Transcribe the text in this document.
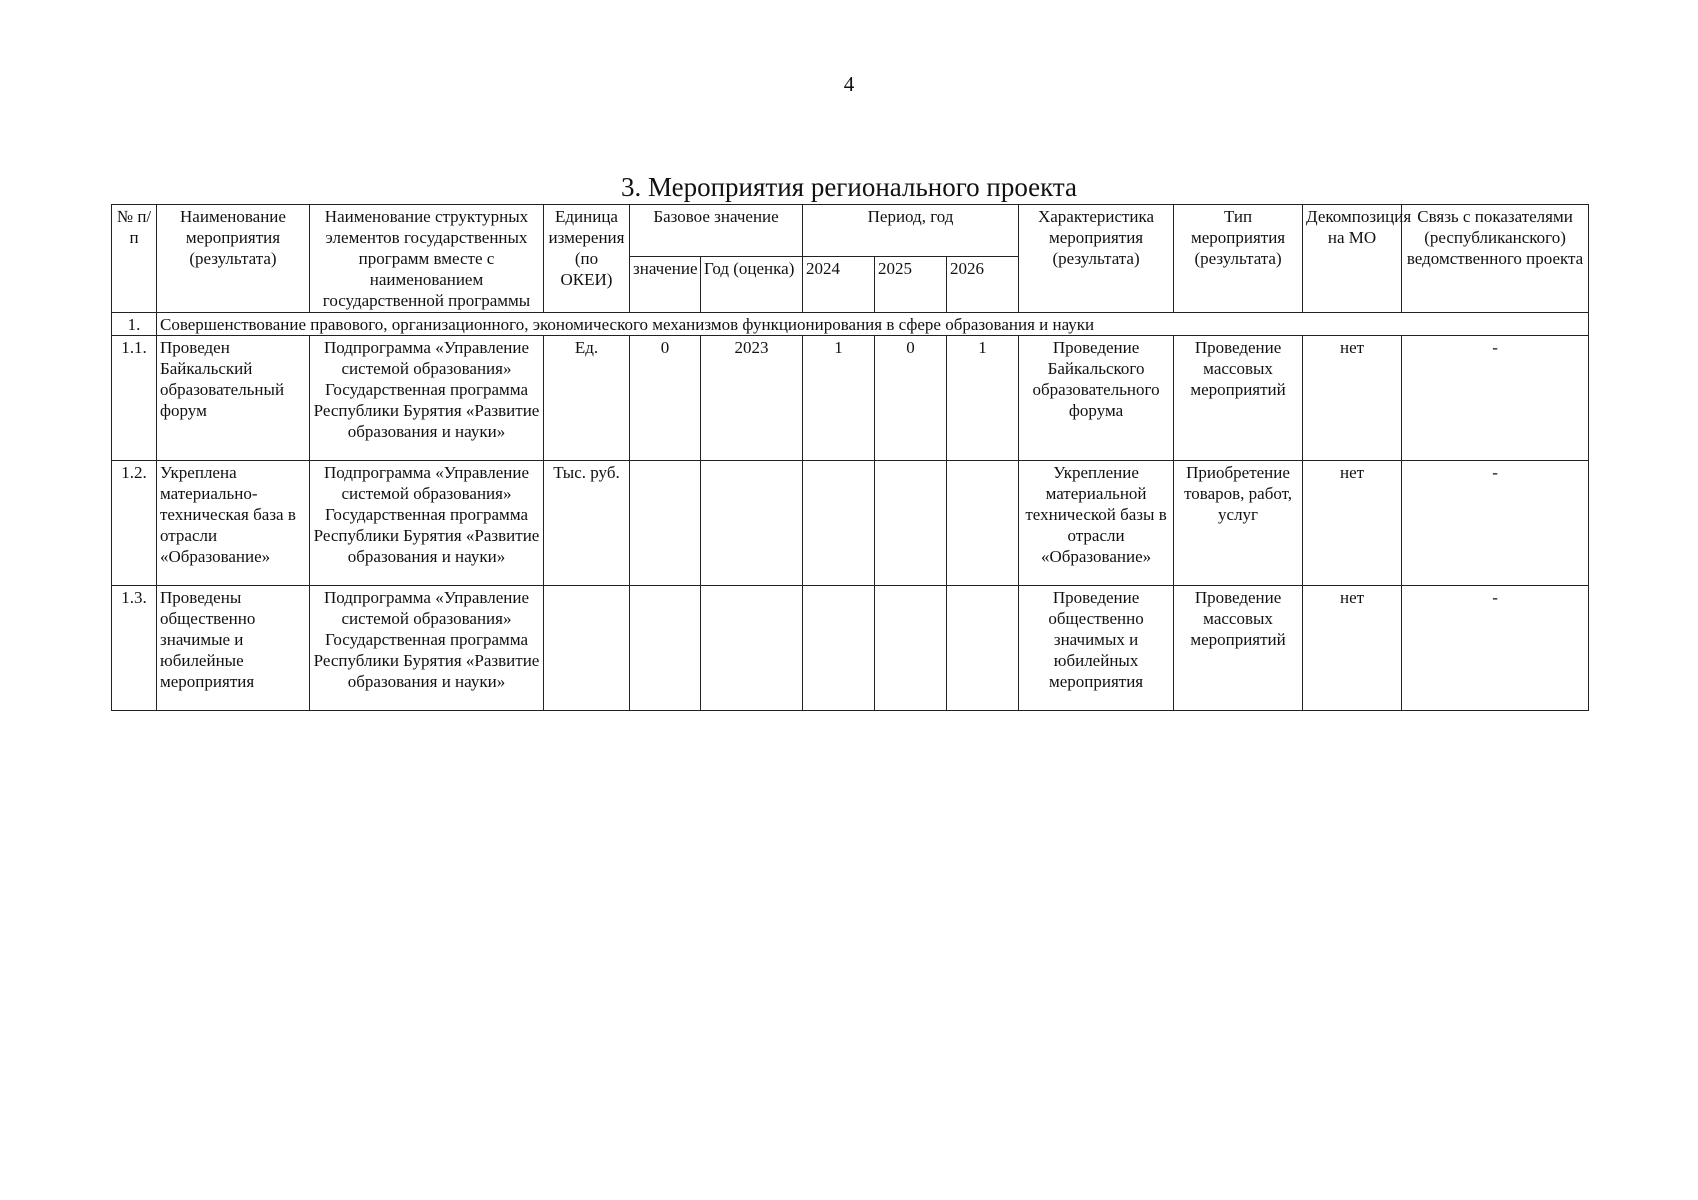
4
3. Мероприятия регионального проекта
№ п/п	Наименование мероприятия (результата)	Наименование структурных элементов государственных программ вместе с наименованием государственной программы	Единица измерения (по ОКЕИ)	Базовое значение		Период, год			Характеристика мероприятия (результата)	Тип мероприятия (результата)	Декомпозиция на МО	Связь с показателями (республиканского) ведомственного проекта
				значение	Год (оценка)	2024	2025	2026				
1.	Совершенствование правового, организационного, экономического механизмов функционирования в сфере образования и науки											
1.1.	Проведен Байкальский образовательный форум	Подпрограмма «Управление системой образования» Государственная программа Республики Бурятия «Развитие образования и науки»	Ед.	0	2023	1	0	1	Проведение Байкальского образовательного форума	Проведение массовых мероприятий	нет	-
1.2.	Укреплена материально-техническая база в отрасли «Образование»	Подпрограмма «Управление системой образования» Государственная программа Республики Бурятия «Развитие образования и науки»	Тыс. руб.						Укрепление материальной технической базы в отрасли «Образование»	Приобретение товаров, работ, услуг	нет	-
1.3.	Проведены общественно значимые и юбилейные мероприятия	Подпрограмма «Управление системой образования» Государственная программа Республики Бурятия «Развитие образования и науки»							Проведение общественно значимых и юбилейных мероприятия	Проведение массовых мероприятий	нет	-
